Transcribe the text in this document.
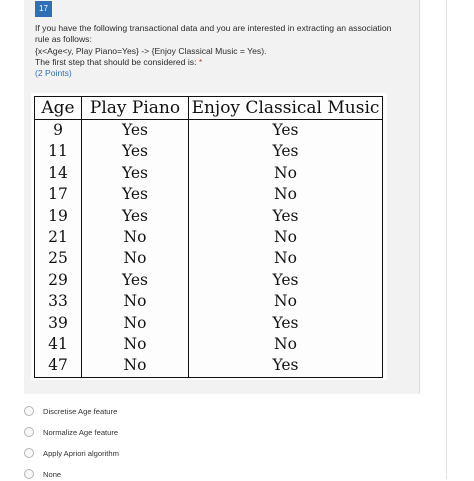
17
If you have the following transactional data and you are interested in extracting an association
rule as follows:
{x<Age<y, Play Piano=Yes} -> {Enjoy Classical Music = Yes).
The first step that should be considered is: *
(2 Points)
Age	Play Piano	Enjoy Classical Music
9	Yes	Yes
11	Yes	Yes
14	Yes	No
17	Yes	No
19	Yes	Yes
21	No	No
25	No	No
29	Yes	Yes
33	No	No
39	No	Yes
41	No	No
47	No	Yes
Discretise Age feature
Normalize Age feature
Apply Apriori algorithm
None
